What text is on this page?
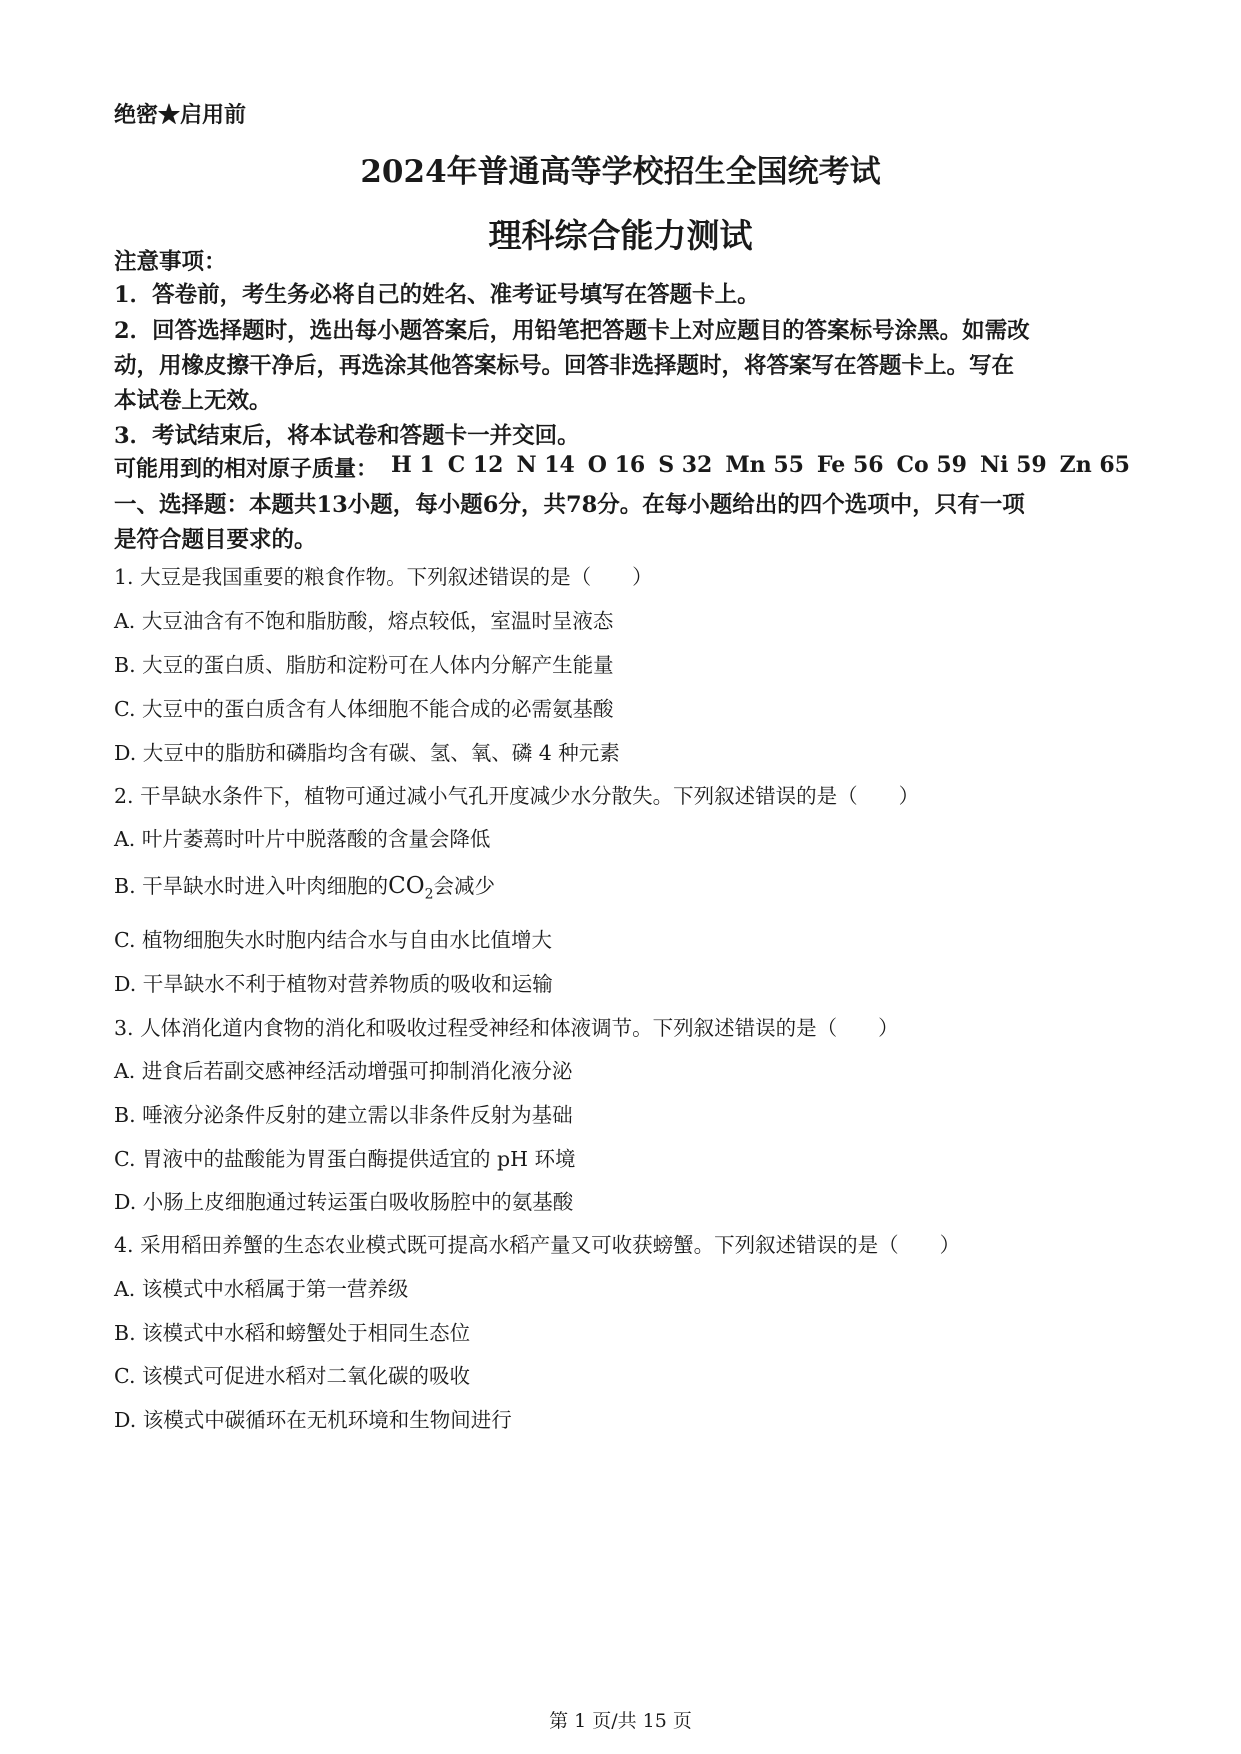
绝密★启用前
2024年普通高等学校招生全国统考试
理科综合能力测试
注意事项：
1．答卷前，考生务必将自己的姓名、准考证号填写在答题卡上。
2．回答选择题时，选出每小题答案后，用铅笔把答题卡上对应题目的答案标号涂黑。如需改
动，用橡皮擦干净后，再选涂其他答案标号。回答非选择题时，将答案写在答题卡上。写在
本试卷上无效。
3．考试结束后，将本试卷和答题卡一并交回。
可能用到的相对原子质量： H 1 C 12 N 14 O 16 S 32 Mn 55 Fe 56 Co 59 Ni 59 Zn 65
一、选择题：本题共13小题，每小题6分，共78分。在每小题给出的四个选项中，只有一项
是符合题目要求的。
1. 大豆是我国重要的粮食作物。下列叙述错误的是（　　）
A. 大豆油含有不饱和脂肪酸，熔点较低，室温时呈液态
B. 大豆的蛋白质、脂肪和淀粉可在人体内分解产生能量
C. 大豆中的蛋白质含有人体细胞不能合成的必需氨基酸
D. 大豆中的脂肪和磷脂均含有碳、氢、氧、磷 4 种元素
2. 干旱缺水条件下，植物可通过减小气孔开度减少水分散失。下列叙述错误的是（　　）
A. 叶片萎蔫时叶片中脱落酸的含量会降低
B. 干旱缺水时进入叶肉细胞的$CO_2$会减少
C. 植物细胞失水时胞内结合水与自由水比值增大
D. 干旱缺水不利于植物对营养物质的吸收和运输
3. 人体消化道内食物的消化和吸收过程受神经和体液调节。下列叙述错误的是（　　）
A. 进食后若副交感神经活动增强可抑制消化液分泌
B. 唾液分泌条件反射的建立需以非条件反射为基础
C. 胃液中的盐酸能为胃蛋白酶提供适宜的 pH 环境
D. 小肠上皮细胞通过转运蛋白吸收肠腔中的氨基酸
4. 采用稻田养蟹的生态农业模式既可提高水稻产量又可收获螃蟹。下列叙述错误的是（　　）
A. 该模式中水稻属于第一营养级
B. 该模式中水稻和螃蟹处于相同生态位
C. 该模式可促进水稻对二氧化碳的吸收
D. 该模式中碳循环在无机环境和生物间进行
第 1 页/共 15 页
